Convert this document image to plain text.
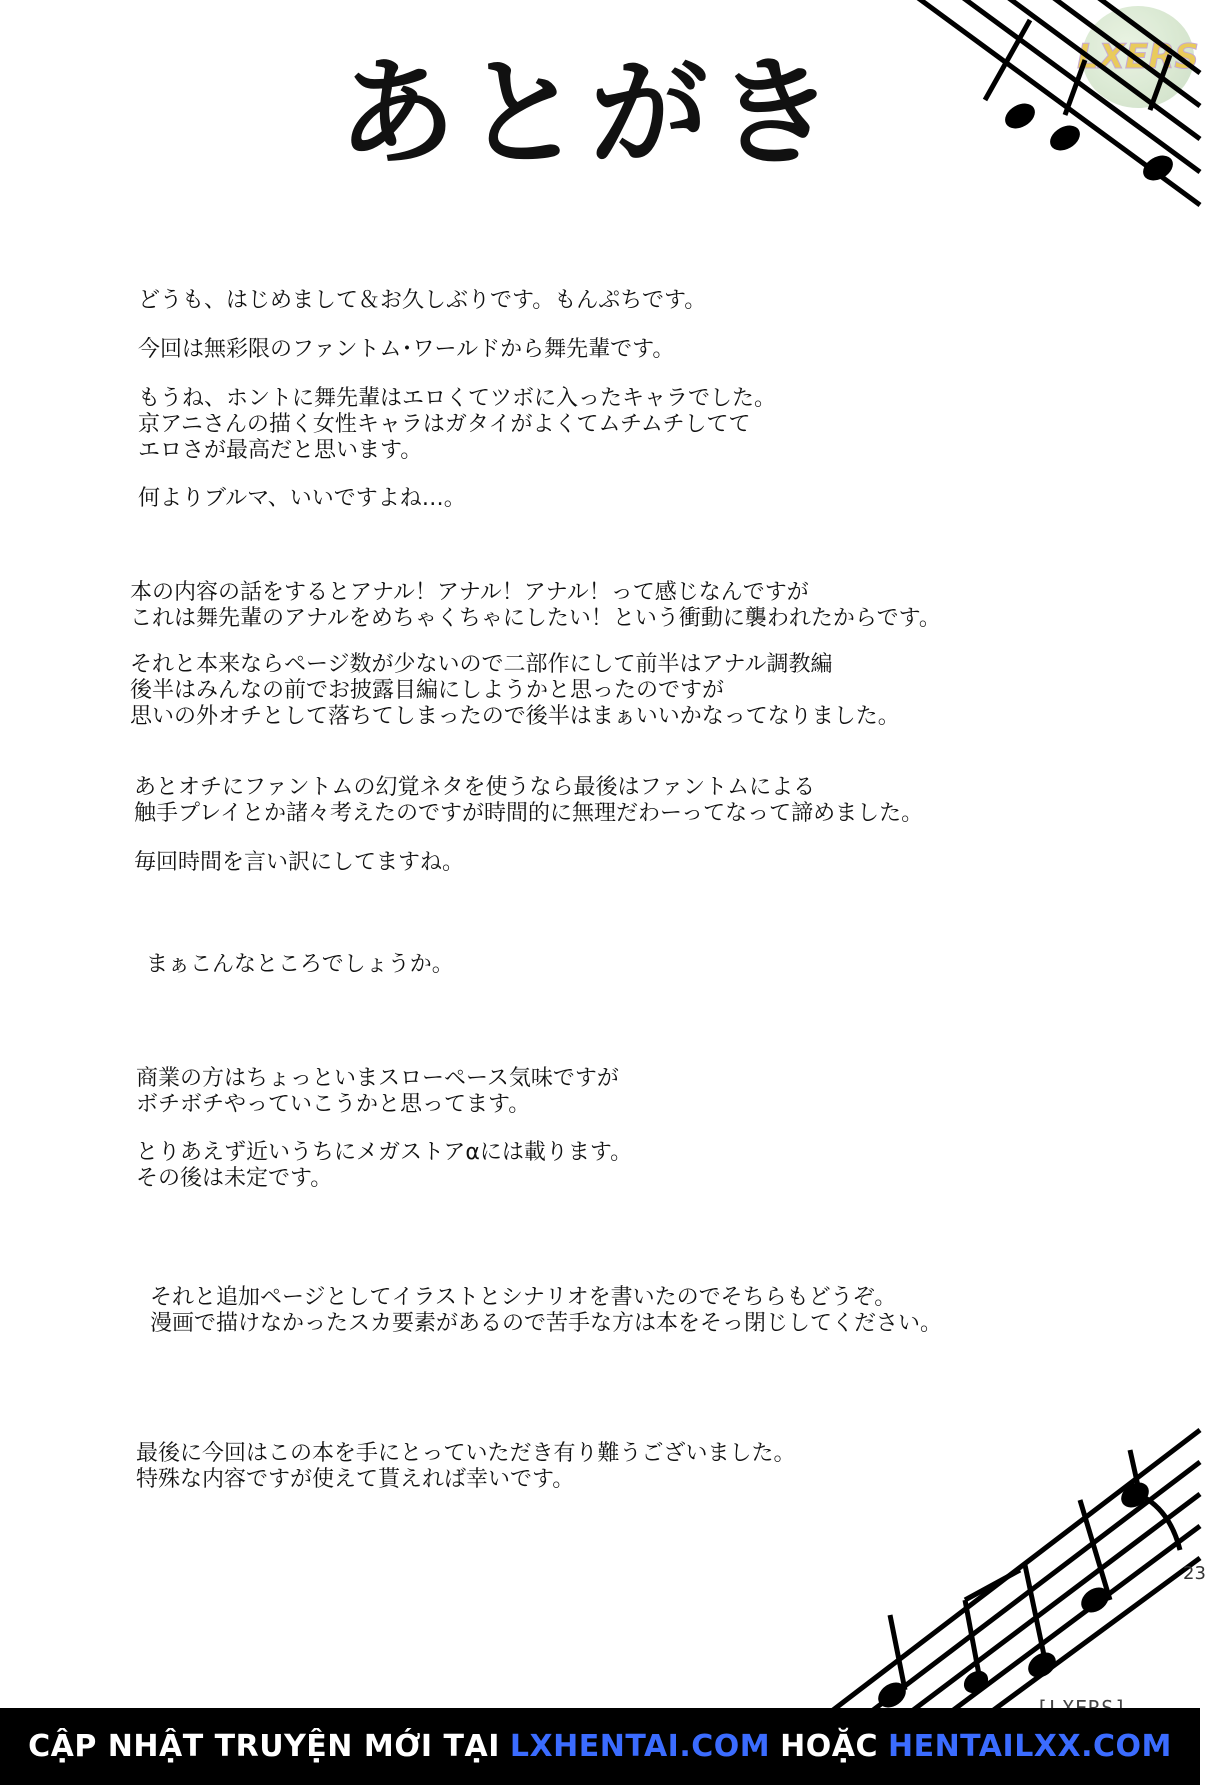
LXERS
あとがき

どうも、はじめまして＆お久しぶりです。もんぷちです。

今回は無彩限のファントム･ワールドから舞先輩です。

もうね、ホントに舞先輩はエロくてツボに入ったキャラでした。
京アニさんの描く女性キャラはガタイがよくてムチムチしてて
エロさが最高だと思います。

何よりブルマ、いいですよね…。

本の内容の話をするとアナル！アナル！アナル！って感じなんですが
これは舞先輩のアナルをめちゃくちゃにしたい！という衝動に襲われたからです。

それと本来ならページ数が少ないので二部作にして前半はアナル調教編
後半はみんなの前でお披露目編にしようかと思ったのですが
思いの外オチとして落ちてしまったので後半はまぁいいかなってなりました。

あとオチにファントムの幻覚ネタを使うなら最後はファントムによる
触手プレイとか諸々考えたのですが時間的に無理だわーってなって諦めました。

毎回時間を言い訳にしてますね。

まぁこんなところでしょうか。

商業の方はちょっといまスローペース気味ですが
ボチボチやっていこうかと思ってます。

とりあえず近いうちにメガストアαには載ります。
その後は未定です。

それと追加ページとしてイラストとシナリオを書いたのでそちらもどうぞ。
漫画で描けなかったスカ要素があるので苦手な方は本をそっ閉じしてください。

最後に今回はこの本を手にとっていただき有り難うございました。
特殊な内容ですが使えて貰えれば幸いです。

23
CẬP NHẬT TRUYỆN MỚI TẠI LXHENTAI.COM HOẶC HENTAILXX.COM
